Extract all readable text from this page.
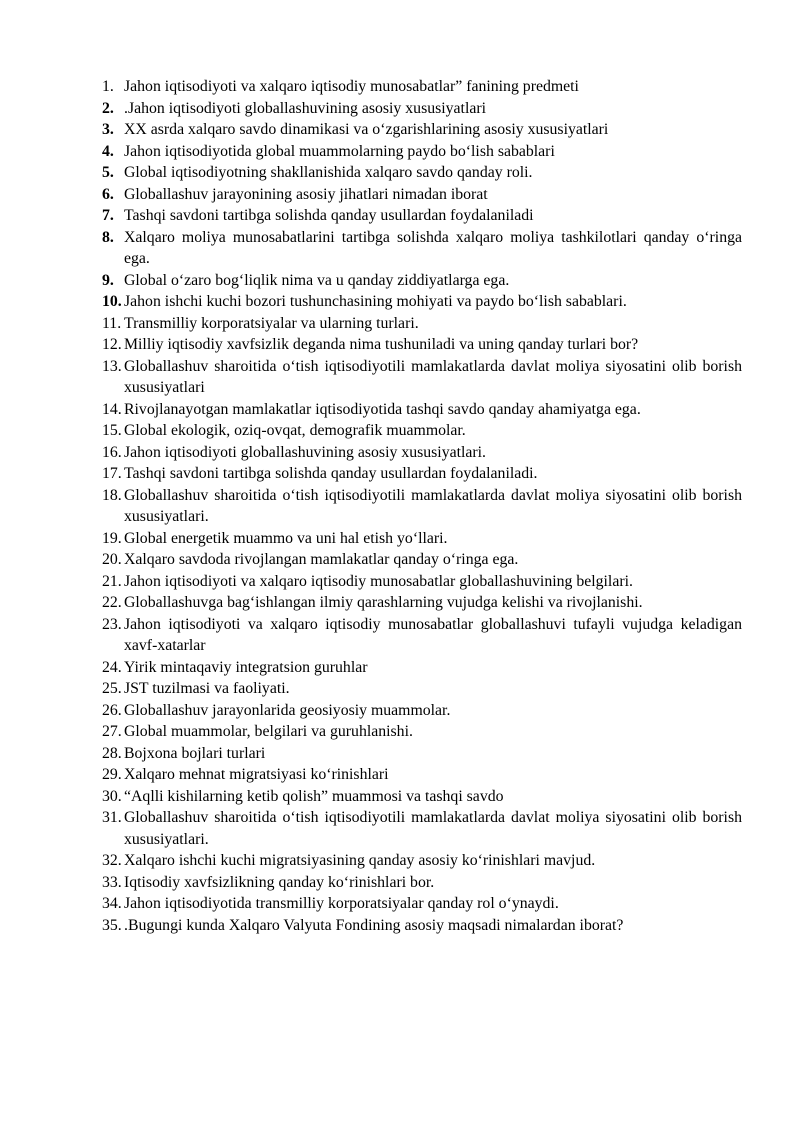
1. Jahon iqtisodiyoti va xalqaro iqtisodiy munosabatlar” fanining predmeti
2. .Jahon iqtisodiyoti globallashuvining asosiy xususiyatlari
3. XX asrda xalqaro savdo dinamikasi va o‘zgarishlarining asosiy xususiyatlari
4. Jahon iqtisodiyotida global muammolarning paydo bo‘lish sabablari
5. Global iqtisodiyotning shakllanishida xalqaro savdo qanday roli.
6. Globallashuv jarayonining asosiy jihatlari nimadan iborat
7. Tashqi savdoni tartibga solishda qanday usullardan foydalaniladi
8. Xalqaro moliya munosabatlarini tartibga solishda xalqaro moliya tashkilotlari qanday o‘ringa ega.
9. Global o‘zaro bog‘liqlik nima va u qanday ziddiyatlarga ega.
10. Jahon ishchi kuchi bozori tushunchasining mohiyati va paydo bo‘lish sabablari.
11. Transmilliy korporatsiyalar va ularning turlari.
12. Milliy iqtisodiy xavfsizlik deganda nima tushuniladi va uning qanday turlari bor?
13. Globallashuv sharoitida o‘tish iqtisodiyotili mamlakatlarda davlat moliya siyosatini olib borish xususiyatlari
14. Rivojlanayotgan mamlakatlar iqtisodiyotida tashqi savdo qanday ahamiyatga ega.
15. Global ekologik, oziq-ovqat, demografik muammolar.
16. Jahon iqtisodiyoti globallashuvining asosiy xususiyatlari.
17. Tashqi savdoni tartibga solishda qanday usullardan foydalaniladi.
18. Globallashuv sharoitida o‘tish iqtisodiyotili mamlakatlarda davlat moliya siyosatini olib borish xususiyatlari.
19. Global energetik muammo va uni hal etish yo‘llari.
20. Xalqaro savdoda rivojlangan mamlakatlar qanday o‘ringa ega.
21. Jahon iqtisodiyoti va xalqaro iqtisodiy munosabatlar globallashuvining belgilari.
22. Globallashuvga bag‘ishlangan ilmiy qarashlarning vujudga kelishi va rivojlanishi.
23. Jahon iqtisodiyoti va xalqaro iqtisodiy munosabatlar globallashuvi tufayli vujudga keladigan xavf-xatarlar
24. Yirik mintaqaviy integratsion guruhlar
25. JST tuzilmasi va faoliyati.
26. Globallashuv jarayonlarida geosiyosiy muammolar.
27. Global muammolar, belgilari va guruhlanishi.
28. Bojxona bojlari turlari
29. Xalqaro mehnat migratsiyasi ko‘rinishlari
30. “Aqlli kishilarning ketib qolish” muammosi va tashqi savdo
31. Globallashuv sharoitida o‘tish iqtisodiyotili mamlakatlarda davlat moliya siyosatini olib borish xususiyatlari.
32. Xalqaro ishchi kuchi migratsiyasining qanday asosiy ko‘rinishlari mavjud.
33. Iqtisodiy xavfsizlikning qanday ko‘rinishlari bor.
34. Jahon iqtisodiyotida transmilliy korporatsiyalar qanday rol o‘ynaydi.
35. .Bugungi kunda Xalqaro Valyuta Fondining asosiy maqsadi nimalardan iborat?
